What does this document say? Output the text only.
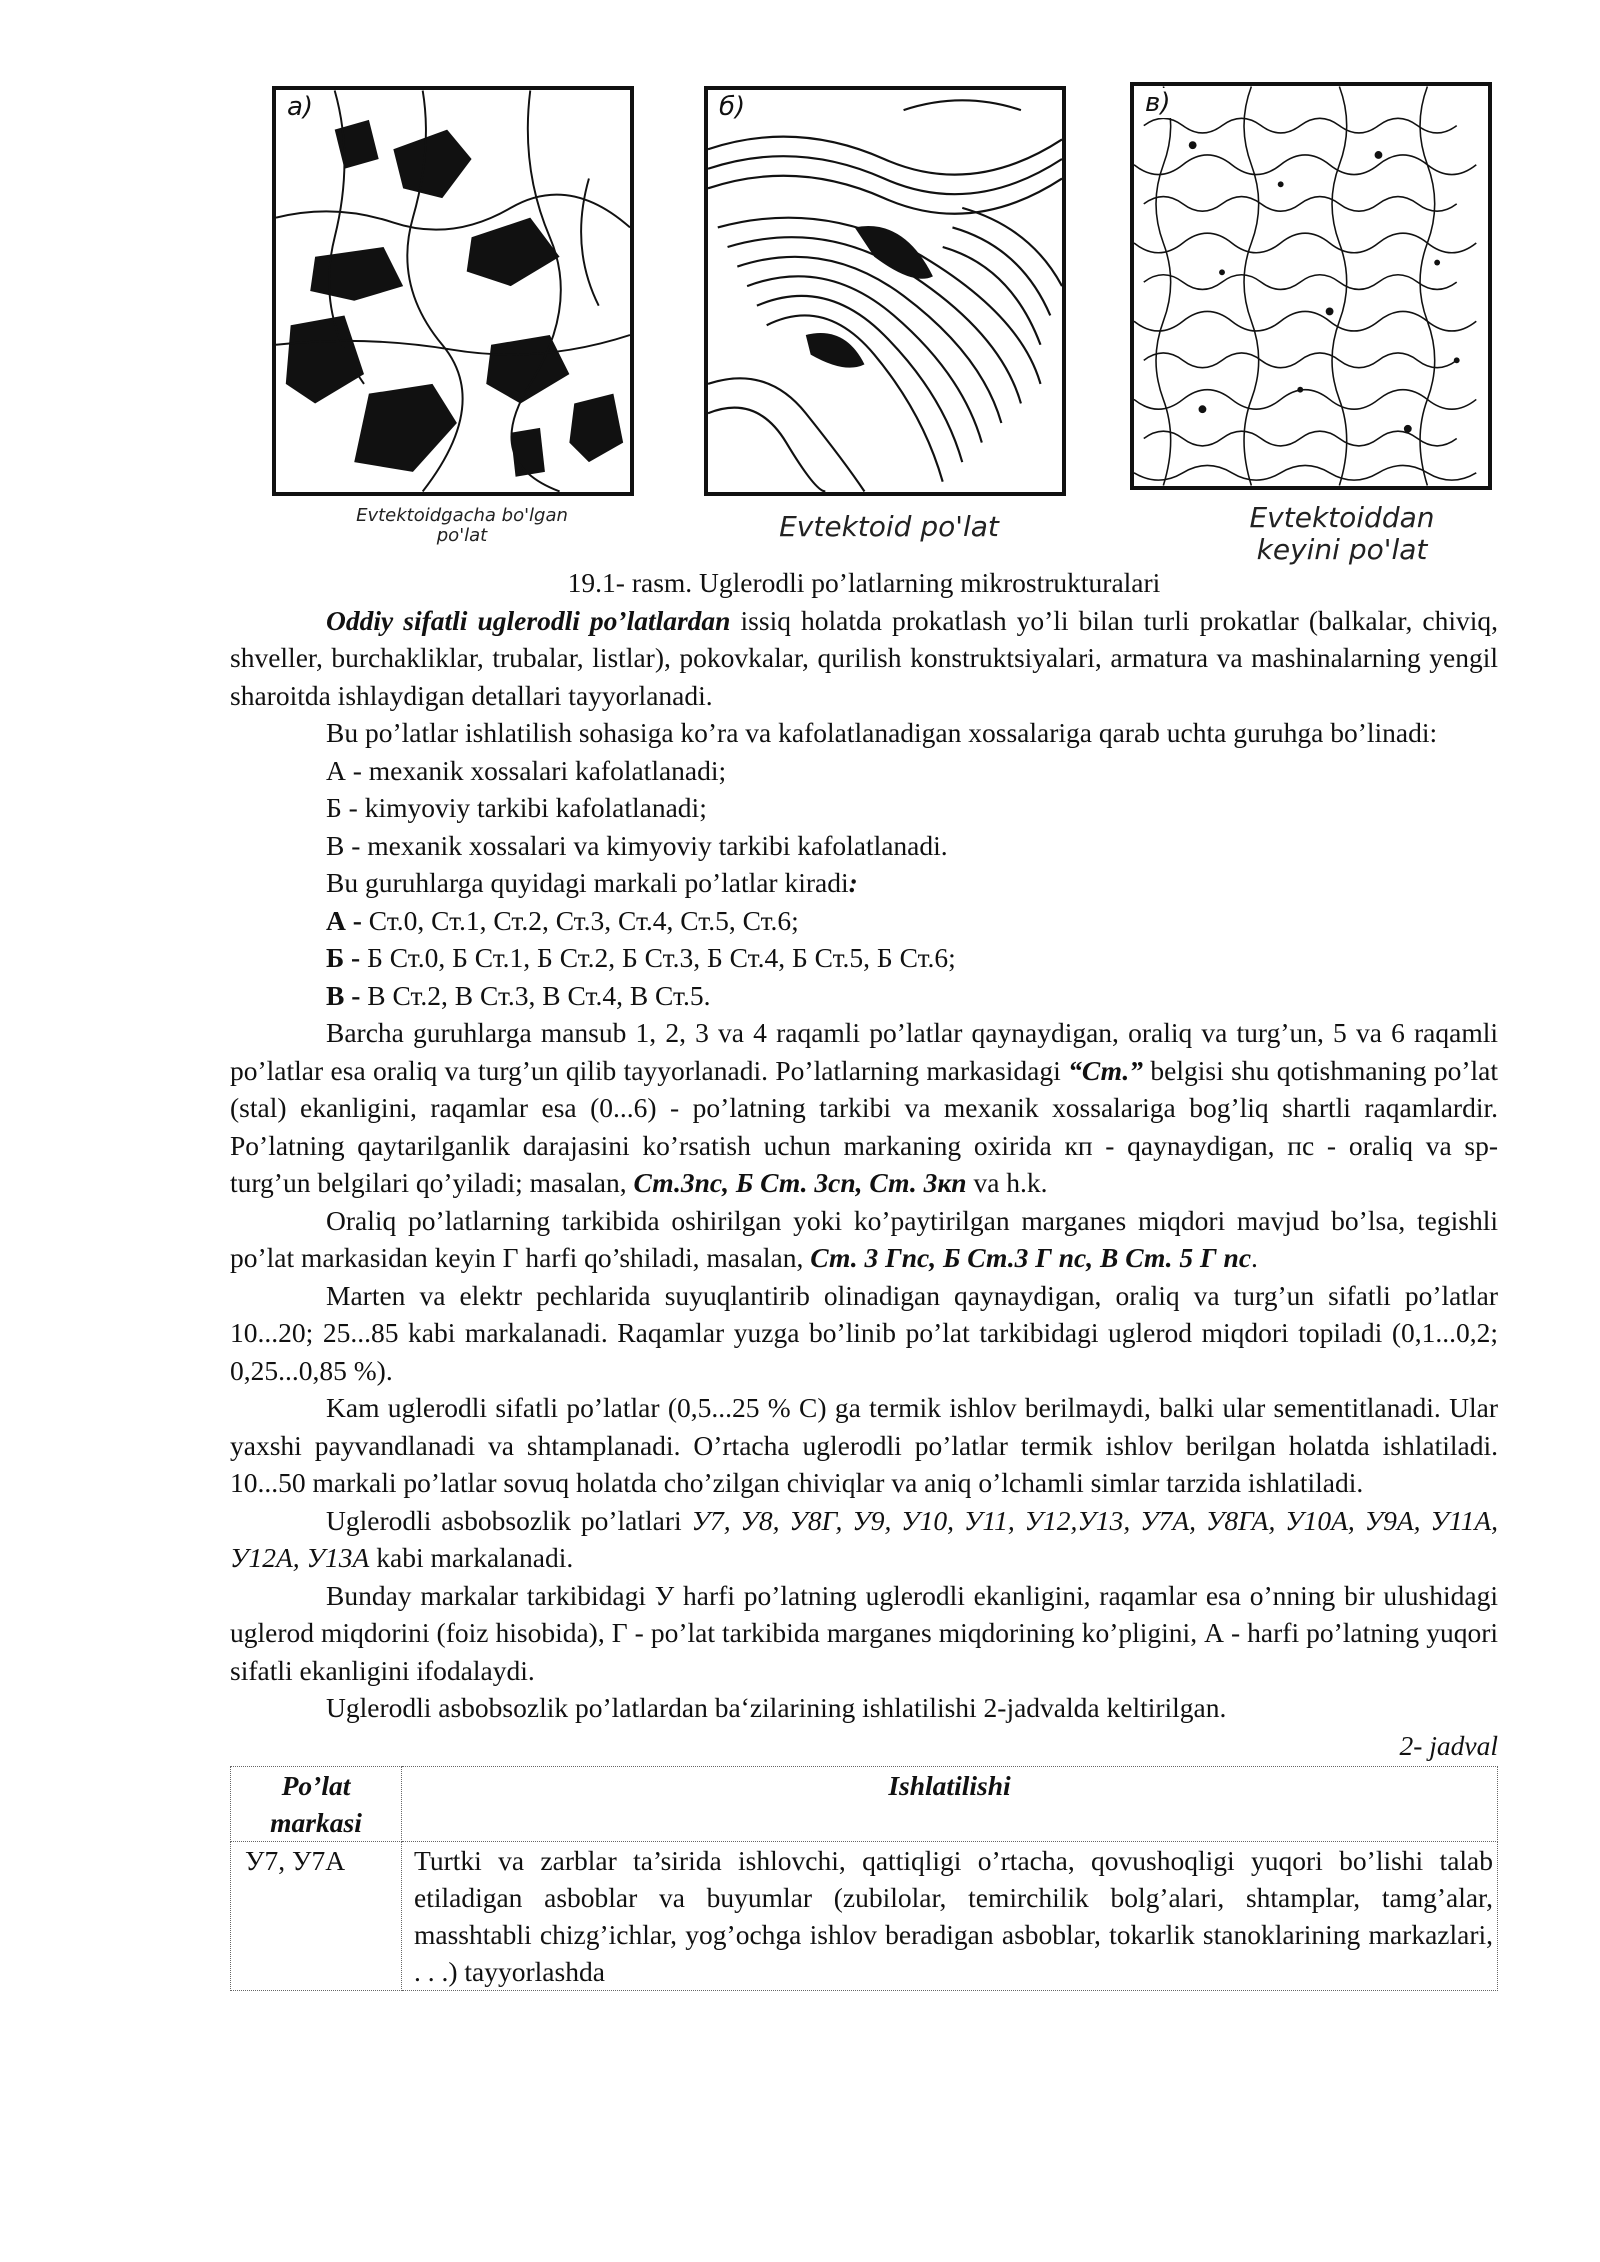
а)	б)	в)
Evtektoidgacha bo'lgan
po'lat	Evtektoid po'lat	Evtektoiddan
keyini po'lat

19.1- rasm. Uglerodli po’latlarning mikrostrukturalari

Oddiy sifatli uglerodli po’latlardan issiq holatda prokatlash yo’li bilan turli prokatlar (balkalar, chiviq, shveller, burchakliklar, trubalar, listlar), pokovkalar, qurilish konstruktsiyalari, armatura va mashinalarning yengil sharoitda ishlaydigan detallari tayyorlanadi.

Bu po’latlar ishlatilish sohasiga ko’ra va kafolatlanadigan xossalariga qarab uchta guruhga bo’linadi:

А - mexanik xossalari kafolatlanadi;

Б - kimyoviy tarkibi kafolatlanadi;

В - mexanik xossalari va kimyoviy tarkibi kafolatlanadi.

Bu guruhlarga quyidagi markali po’latlar kiradi:

А - Ст.0, Ст.1, Ст.2, Ст.3, Ст.4, Ст.5, Ст.6;

Б - Б Ст.0, Б Ст.1, Б Ст.2, Б Ст.3, Б Ст.4, Б Ст.5, Б Ст.6;

В - В Ст.2, В Ст.3, В Ст.4, В Ст.5.

Barcha guruhlarga mansub 1, 2, 3 va 4 raqamli po’latlar qaynaydigan, oraliq va turg’un, 5 va 6 raqamli po’latlar esa oraliq va turg’un qilib tayyorlanadi. Po’latlarning markasidagi “Ст.” belgisi shu qotishmaning po’lat (stal) ekanligini, raqamlar esa (0...6) - po’latning tarkibi va mexanik xossalariga bog’liq shartli raqamlardir. Po’latning qaytarilganlik darajasini ko’rsatish uchun markaning oxirida кп - qaynaydigan, пс - oraliq va sp- turg’un belgilari qo’yiladi; masalan, Ст.3пс, Б Ст. 3сп, Ст. 3кп va h.k.

Oraliq po’latlarning tarkibida oshirilgan yoki ko’paytirilgan marganes miqdori mavjud bo’lsa, tegishli po’lat markasidan keyin Г harfi qo’shiladi, masalan, Ст. 3 Гпс, Б Ст.3 Г пс, В Ст. 5 Г пс.

Marten va elektr pechlarida suyuqlantirib olinadigan qaynaydigan, oraliq va turg’un sifatli po’latlar 10...20; 25...85 kabi markalanadi. Raqamlar yuzga bo’linib po’lat tarkibidagi uglerod miqdori topiladi (0,1...0,2; 0,25...0,85 %).

Kam uglerodli sifatli po’latlar (0,5...25 % C) ga termik ishlov berilmaydi, balki ular sementitlanadi. Ular yaxshi payvandlanadi va shtamplanadi. O’rtacha uglerodli po’latlar termik ishlov berilgan holatda ishlatiladi. 10...50 markali po’latlar sovuq holatda cho’zilgan chiviqlar va aniq o’lchamli simlar tarzida ishlatiladi.

Uglerodli asbobsozlik po’latlari У7, У8, У8Г, У9, У10, У11, У12,У13, У7А, У8ГА, У10А, У9А, У11А, У12А, У13А kabi markalanadi.

Bunday markalar tarkibidagi У harfi po’latning uglerodli ekanligini, raqamlar esa o’nning bir ulushidagi uglerod miqdorini (foiz hisobida), Г - po’lat tarkibida marganes miqdorining ko’pligini, А - harfi po’latning yuqori sifatli ekanligini ifodalaydi.

Uglerodli asbobsozlik po’latlardan ba‘zilarining ishlatilishi 2-jadvalda keltirilgan.

2- jadval

Po’lat markasi	Ishlatilishi
У7, У7А	Turtki va zarblar ta’sirida ishlovchi, qattiqligi o’rtacha, qovushoqligi yuqori bo’lishi talab etiladigan asboblar va buyumlar (zubilolar, temirchilik bolg’alari, shtamplar, tamg’alar, masshtabli chizg’ichlar, yog’ochga ishlov beradigan asboblar, tokarlik stanoklarining markazlari, . . .) tayyorlashda
